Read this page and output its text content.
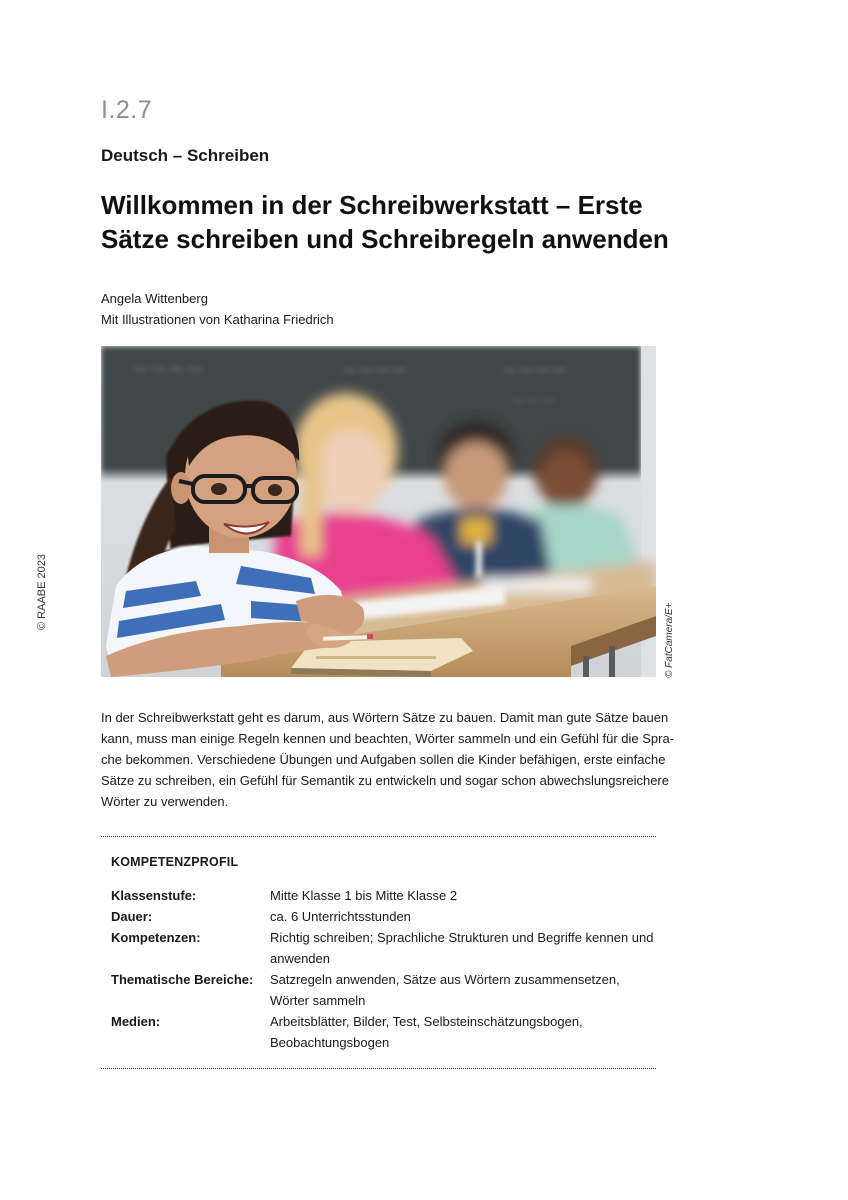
I.2.7
Deutsch – Schreiben
Willkommen in der Schreibwerkstatt – Erste
Sätze schreiben und Schreibregeln anwenden
Angela Wittenberg
Mit Illustrationen von Katharina Friedrich
© RAABE 2023
~~~~	~~~~	~~~~
~~~
© FatCamera/E+
In der Schreibwerkstatt geht es darum, aus Wörtern Sätze zu bauen. Damit man gute Sätze bauen
kann, muss man einige Regeln kennen und beachten, Wörter sammeln und ein Gefühl für die Spra-
che bekommen. Verschiedene Übungen und Aufgaben sollen die Kinder befähigen, erste einfache
Sätze zu schreiben, ein Gefühl für Semantik zu entwickeln und sogar schon abwechslungsreichere
Wörter zu verwenden.
KOMPETENZPROFIL
Klassenstufe:	Mitte Klasse 1 bis Mitte Klasse 2
Dauer:	ca. 6 Unterrichtsstunden
Kompetenzen:	Richtig schreiben; Sprachliche Strukturen und Begriffe kennen und
anwenden
Thematische Bereiche:	Satzregeln anwenden, Sätze aus Wörtern zusammensetzen,
Wörter sammeln
Medien:	Arbeitsblätter, Bilder, Test, Selbsteinschätzungsbogen,
Beobachtungsbogen
